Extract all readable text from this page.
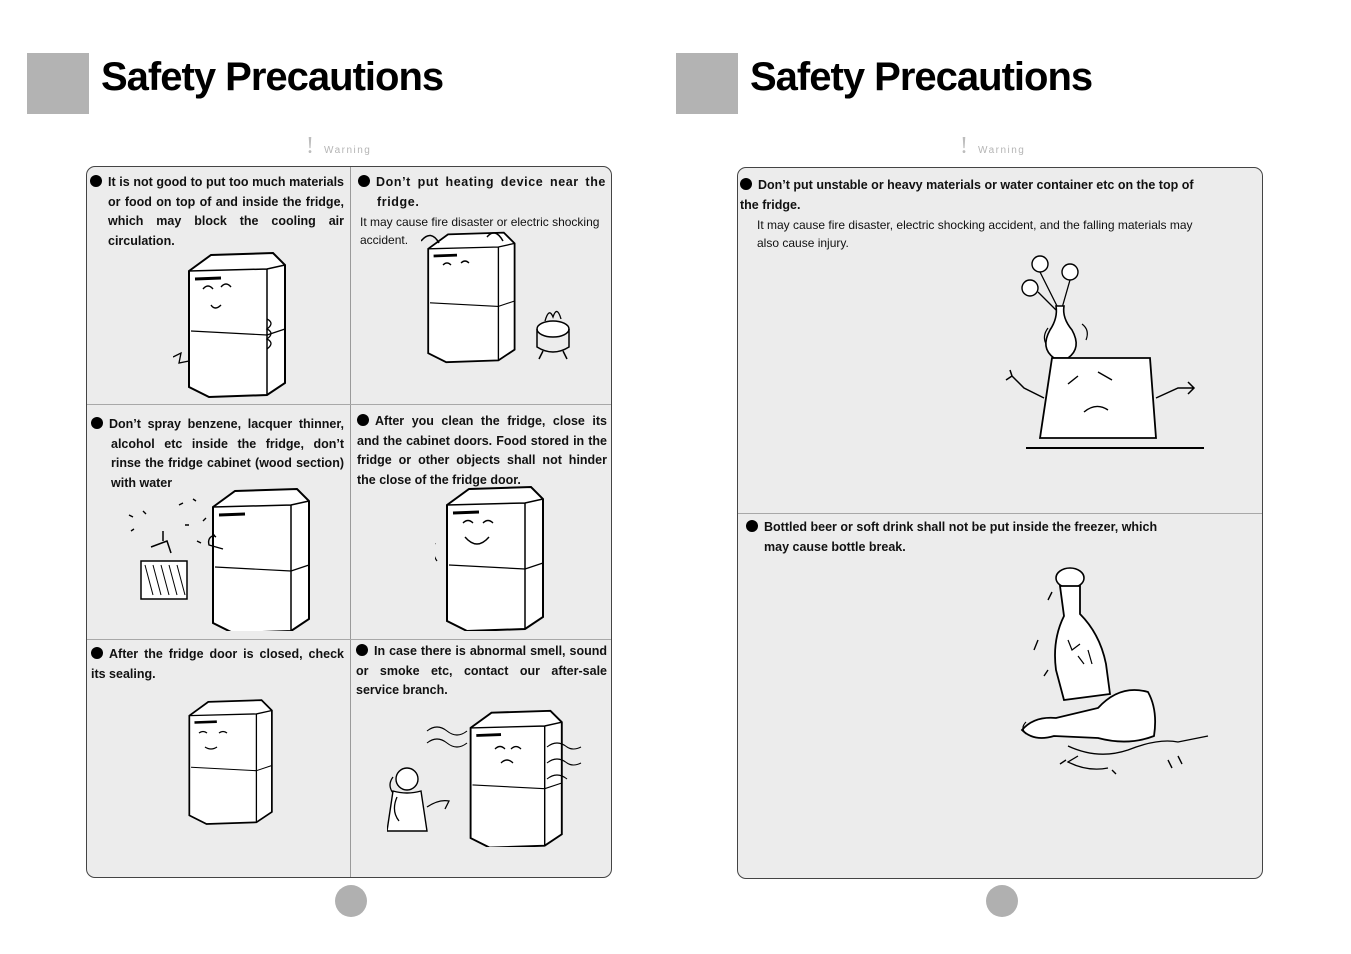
Safety Precautions
! Warning

It is not good to put too much materials or food on top of and inside the fridge, which may block the cooling air circulation.

Don’t put heating device near the fridge.

It may cause fire disaster or electric shocking accident.

Don’t spray benzene, lacquer thinner, alcohol etc inside the fridge, don’t rinse the fridge cabinet (wood section) with water

After you clean the fridge, close its and the cabinet doors. Food stored in the fridge or other objects shall not hinder the close of the fridge door.

After the fridge door is closed, check its sealing.

In case there is abnormal smell, sound or smoke etc, contact our after-sale service branch.

Safety Precautions
! Warning

Don’t put unstable or heavy materials or water container etc on the top of the fridge.

It may cause fire disaster, electric shocking accident, and the falling materials may also cause injury.

Bottled beer or soft drink shall not be put inside the freezer, which may cause bottle break.
